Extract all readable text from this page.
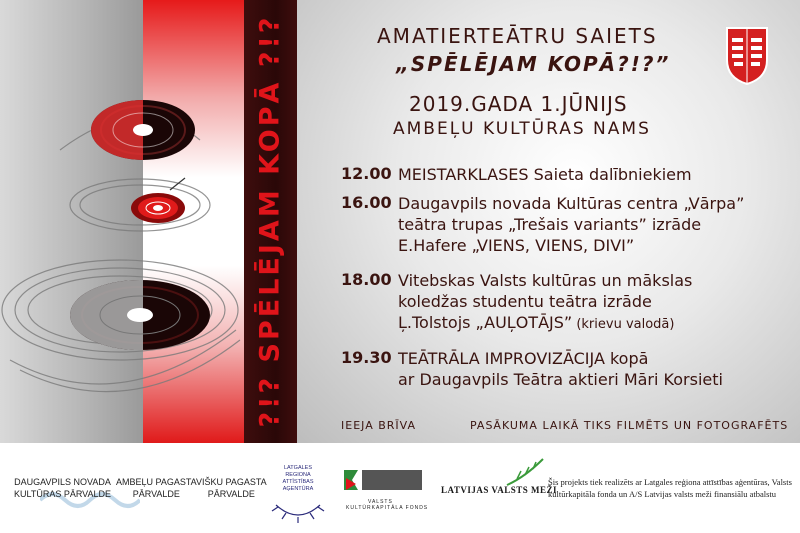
?!? SPĒLĒJAM KOPĀ ?!?	AMATIERTEĀTRU SAIETS
„SPĒLĒJAM KOPĀ?!?”
2019.GADA 1.JŪNIJS
AMBEĻU KULTŪRAS NAMS
12.00 MEISTARKLASES Saieta dalībniekiem
16.00 Daugavpils novada Kultūras centra „Vārpa”
teātra trupas „Trešais variants” izrāde
E.Hafere „VIENS, VIENS, DIVI”
18.00 Vitebskas Valsts kultūras un mākslas
koledžas studentu teātra izrāde
Ļ.Tolstojs „AUĻOTĀJS” (krievu valodā)
19.30 TEĀTRĀLA IMPROVIZĀCIJA kopā
ar Daugavpils Teātra aktieri Māri Korsieti
IEEJA BRĪVA	PASĀKUMA LAIKĀ TIKS FILMĒTS UN FOTOGRAFĒTS
DAUGAVPILS NOVADA
KULTŪRAS PĀRVALDE
AMBEĻU PAGASTA
PĀRVALDE
VIŠKU PAGASTA
PĀRVALDE
LATGALES
REGIONA
ATTĪSTĪBAS
AĢENTŪRA
VALSTS
KULTŪRKAPITĀLA FONDS
LATVIJAS VALSTS MEŽI
Šis projekts tiek realizēts ar Latgales reģiona attīstības aģentūras, Valsts kultūrkapitāla fonda un A/S Latvijas valsts meži finansiālu atbalstu
